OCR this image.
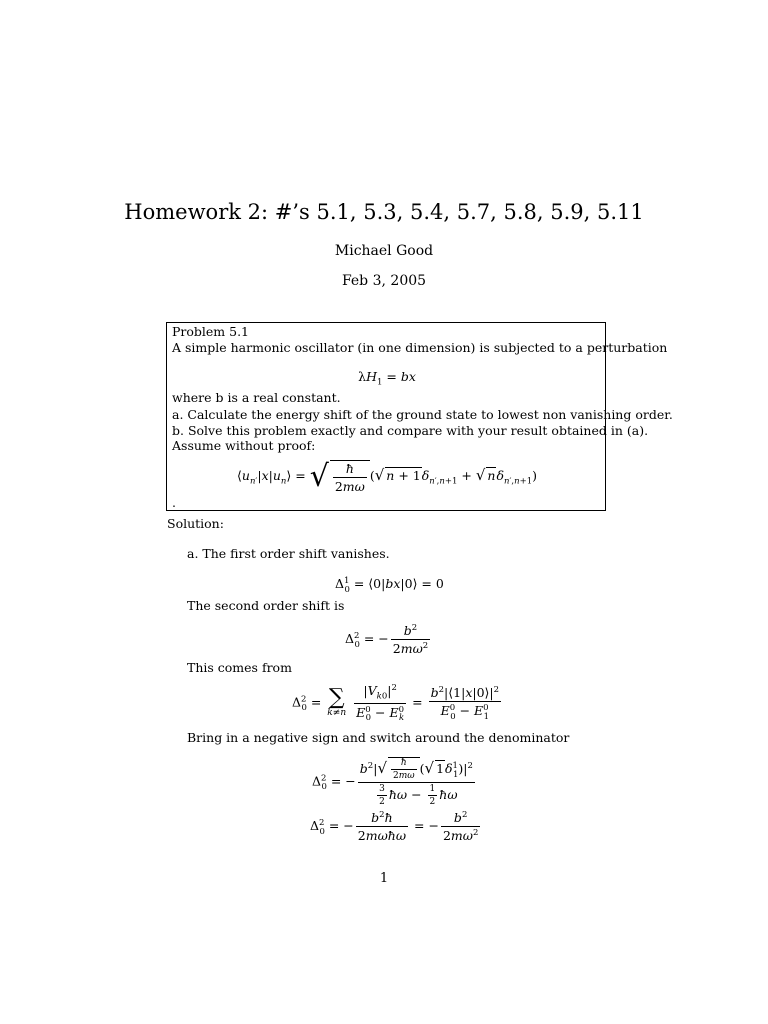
Homework 2: #’s 5.1, 5.3, 5.4, 5.7, 5.8, 5.9, 5.11
Michael Good
Feb 3, 2005
Problem 5.1
A simple harmonic oscillator (in one dimension) is subjected to a perturbation
$\lambda H_1$ = bx
where b is a real constant.
a. Calculate the energy shift of the ground state to lowest non vanishing order.
b. Solve this problem exactly and compare with your result obtained in (a).
Assume without proof:
$⟨u_{n'}|x|u_n⟩$ = √ $\frac{ħ}{2m\omega}$ (√ $n + 1\delta_{n',n+1}$ + √ $n\delta_{n',n+1}$)
.
Solution:
a. The first order shift vanishes.
$\Delta^1_0$ = ⟨0|bx|0⟩ = 0
The second order shift is
$\Delta^2_0$ = − $\frac{b^2}{2m\omega^2}$
This comes from
$\Delta^2_0$ = ∑
k≠n
$\frac{|V_{k0}|^2}{E^0_0 - E^0_k} = \frac{b^2|⟨1|x|0⟩|^2}{E^0_0 - E^0_1}$
Bring in a negative sign and switch around the denominator
$\Delta^2_0$ = − $\frac{b^2|√ \frac{ħ}{2m\omega} (√ 1\delta^1_1)|^2}{\frac{3}{2} ħ\omega - \frac{1}{2} ħ\omega}$
$\Delta^2_0$ = − $\frac{b^2ħ}{\text{2mωħω}}$ = − $\frac{b^2}{2m\omega^2}$
1
